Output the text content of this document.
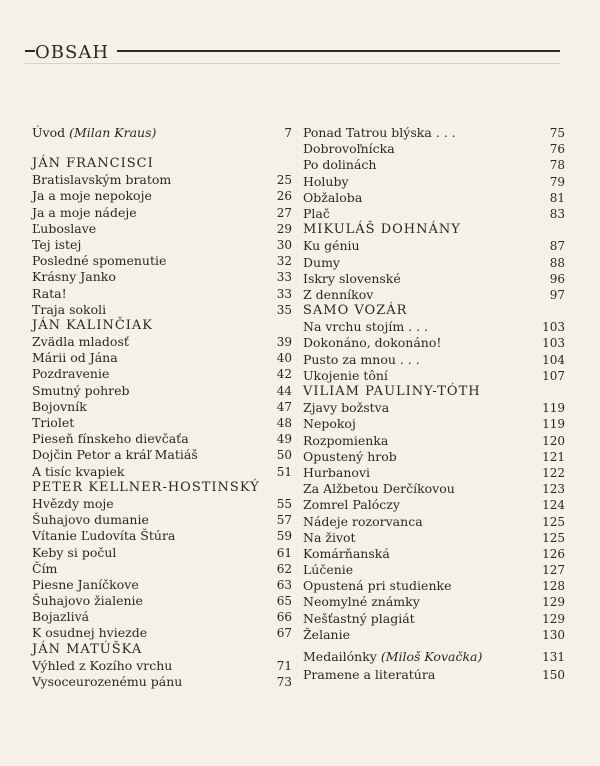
OBSAH
Úvod (Milan Kraus)	7
JÁN FRANCISCI
Bratislavským bratom	25
Ja a moje nepokoje	26
Ja a moje nádeje	27
Ľuboslave	29
Tej istej	30
Posledné spomenutie	32
Krásny Janko	33
Rata!	33
Traja sokoli	35
JÁN KALINČIAK
Zvädla mladosť	39
Márii od Jána	40
Pozdravenie	42
Smutný pohreb	44
Bojovník	47
Triolet	48
Pieseň fínskeho dievčaťa	49
Dojčin Petor a kráľ Matiáš	50
A tisíc kvapiek	51
PETER KELLNER-HOSTINSKÝ
Hvězdy moje	55
Šuhajovo dumanie	57
Vítanie Ľudovíta Štúra	59
Keby si počul	61
Čím	62
Piesne Janíčkove	63
Šuhajovo žialenie	65
Bojazlivá	66
K osudnej hviezde	67
JÁN MATÚŠKA
Výhled z Kozího vrchu	71
Vysoceurozenému pánu	73
Ponad Tatrou blýska . . .	75
Dobrovoľnícka	76
Po dolinách	78
Holuby	79
Obžaloba	81
Plač	83
MIKULÁŠ DOHNÁNY
Ku géniu	87
Dumy	88
Iskry slovenské	96
Z denníkov	97
SAMO VOZÁR
Na vrchu stojím . . .	103
Dokonáno, dokonáno!	103
Pusto za mnou . . .	104
Ukojenie tôní	107
VILIAM PAULINY-TÓTH
Zjavy božstva	119
Nepokoj	119
Rozpomienka	120
Opustený hrob	121
Hurbanovi	122
Za Alžbetou Derčíkovou	123
Zomrel Palóczy	124
Nádeje rozorvanca	125
Na život	125
Komárňanská	126
Lúčenie	127
Opustená pri studienke	128
Neomylné známky	129
Nešťastný plagiát	129
Želanie	130
Medailónky (Miloš Kovačka)	131
Pramene a literatúra	150
